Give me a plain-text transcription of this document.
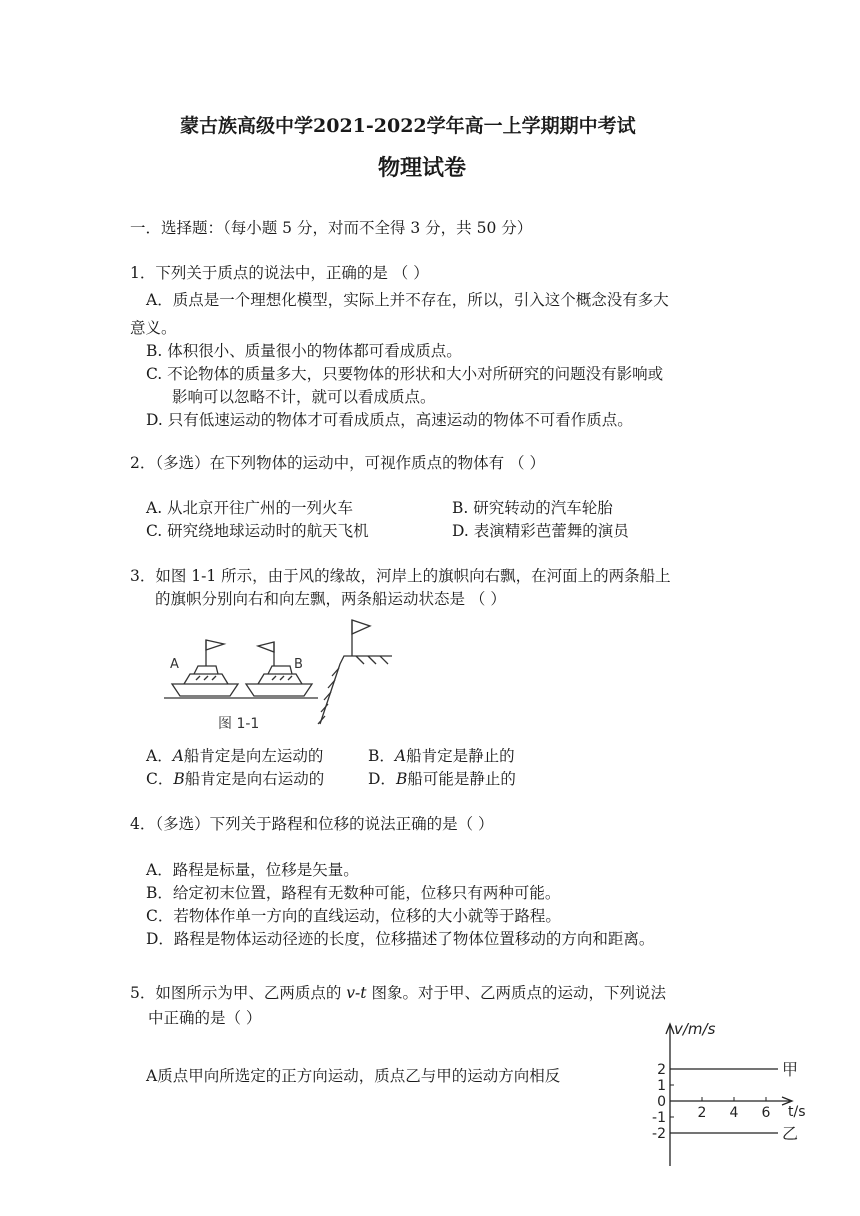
蒙古族高级中学2021-2022学年高一上学期期中考试
物理试卷
一．选择题：（每小题 5 分，对而不全得 3 分，共 50 分）
1．下列关于质点的说法中，正确的是 （ ）
A．质点是一个理想化模型，实际上并不存在，所以，引入这个概念没有多大
意义。
B. 体积很小、质量很小的物体都可看成质点。
C. 不论物体的质量多大，只要物体的形状和大小对所研究的问题没有影响或
影响可以忽略不计，就可以看成质点。
D. 只有低速运动的物体才可看成质点，高速运动的物体不可看作质点。
2．（多选）在下列物体的运动中，可视作质点的物体有 （ ）
A. 从北京开往广州的一列火车	B. 研究转动的汽车轮胎
C. 研究绕地球运动时的航天飞机	D. 表演精彩芭蕾舞的演员
3．如图 1-1 所示，由于风的缘故，河岸上的旗帜向右飘，在河面上的两条船上
的旗帜分别向右和向左飘，两条船运动状态是 （ ）
A	B
图 1-1
A．A船肯定是向左运动的	B．A船肯定是静止的
C．B船肯定是向右运动的	D．B船可能是静止的
4．（多选）下列关于路程和位移的说法正确的是（ ）
A．路程是标量，位移是矢量。
B．给定初末位置，路程有无数种可能，位移只有两种可能。
C．若物体作单一方向的直线运动，位移的大小就等于路程。
D．路程是物体运动径迹的长度，位移描述了物体位置移动的方向和距离。
5．如图所示为甲、乙两质点的 v-t 图象。对于甲、乙两质点的运动，下列说法
中正确的是（ ）
A质点甲向所选定的正方向运动，质点乙与甲的运动方向相反
v/m/s
t/s
2
1
0
-1
-2
2 4 6
甲
乙
